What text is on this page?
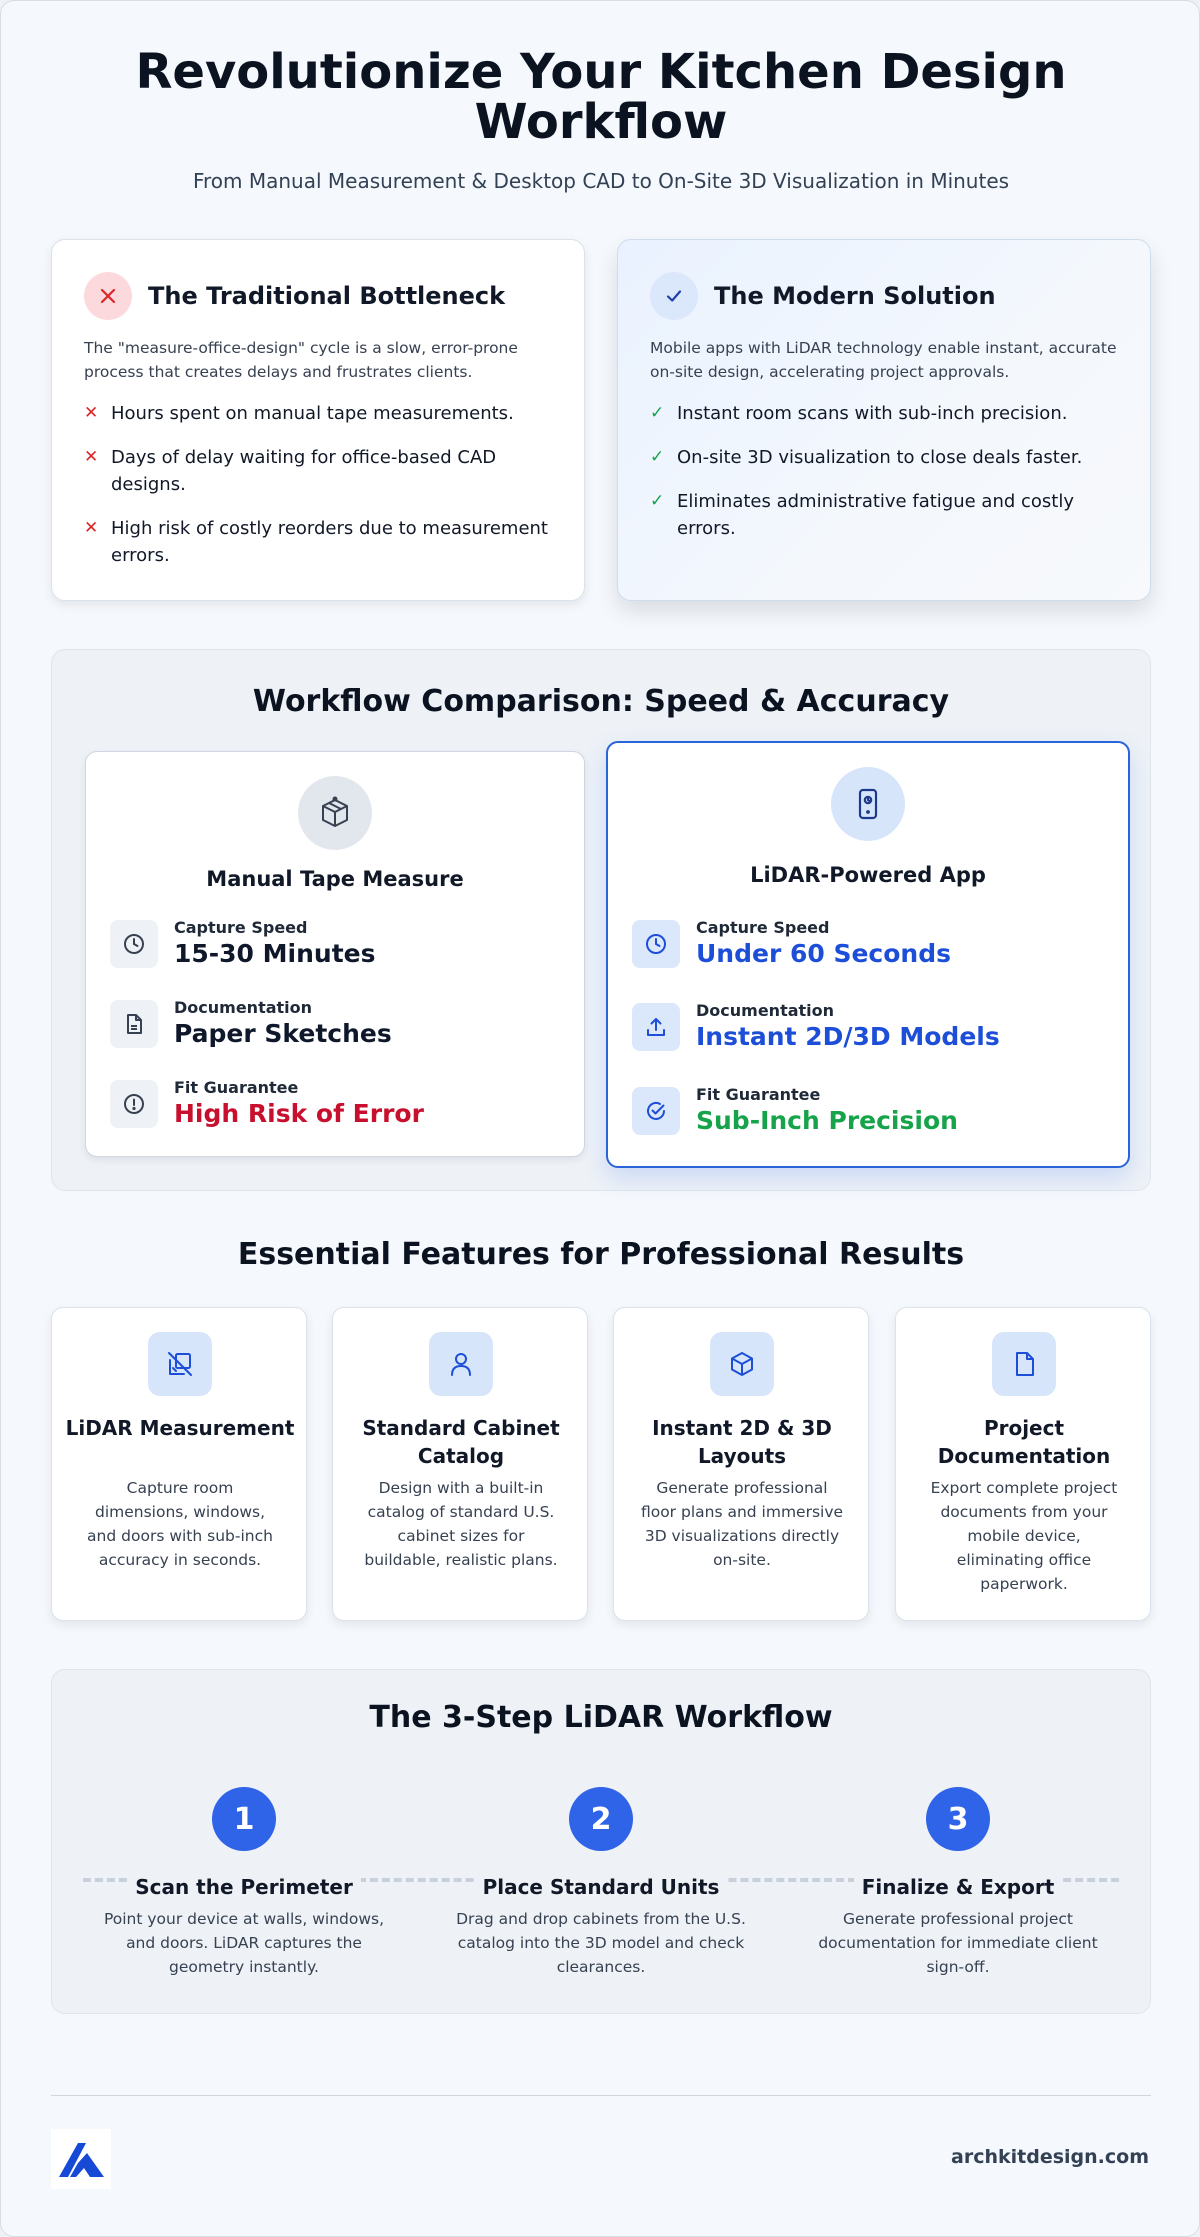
Revolutionize Your Kitchen Design Workflow

From Manual Measurement & Desktop CAD to On-Site 3D Visualization in Minutes

The Traditional Bottleneck

The "measure-office-design" cycle is a slow, error-prone process that creates delays and frustrates clients.

✕ Hours spent on manual tape measurements.
✕ Days of delay waiting for office-based CAD designs.
✕ High risk of costly reorders due to measurement errors.
The Modern Solution

Mobile apps with LiDAR technology enable instant, accurate on-site design, accelerating project approvals.

✓ Instant room scans with sub-inch precision.
✓ On-site 3D visualization to close deals faster.
✓ Eliminates administrative fatigue and costly errors.
Workflow Comparison: Speed & Accuracy
Manual Tape Measure
Capture Speed
15-30 Minutes
Documentation
Paper Sketches
Fit Guarantee
High Risk of Error
LiDAR-Powered App
Capture Speed
Under 60 Seconds
Documentation
Instant 2D/3D Models
Fit Guarantee
Sub-Inch Precision
Essential Features for Professional Results
LiDAR Measurement

Capture room dimensions, windows, and doors with sub-inch accuracy in seconds.

Standard Cabinet Catalog

Design with a built-in catalog of standard U.S. cabinet sizes for buildable, realistic plans.

Instant 2D & 3D Layouts

Generate professional floor plans and immersive 3D visualizations directly on-site.

Project Documentation

Export complete project documents from your mobile device, eliminating office paperwork.

The 3-Step LiDAR Workflow
1
Scan the Perimeter

Point your device at walls, windows, and doors. LiDAR captures the geometry instantly.

2
Place Standard Units

Drag and drop cabinets from the U.S. catalog into the 3D model and check clearances.

3
Finalize & Export

Generate professional project documentation for immediate client sign-off.

archkitdesign.com
